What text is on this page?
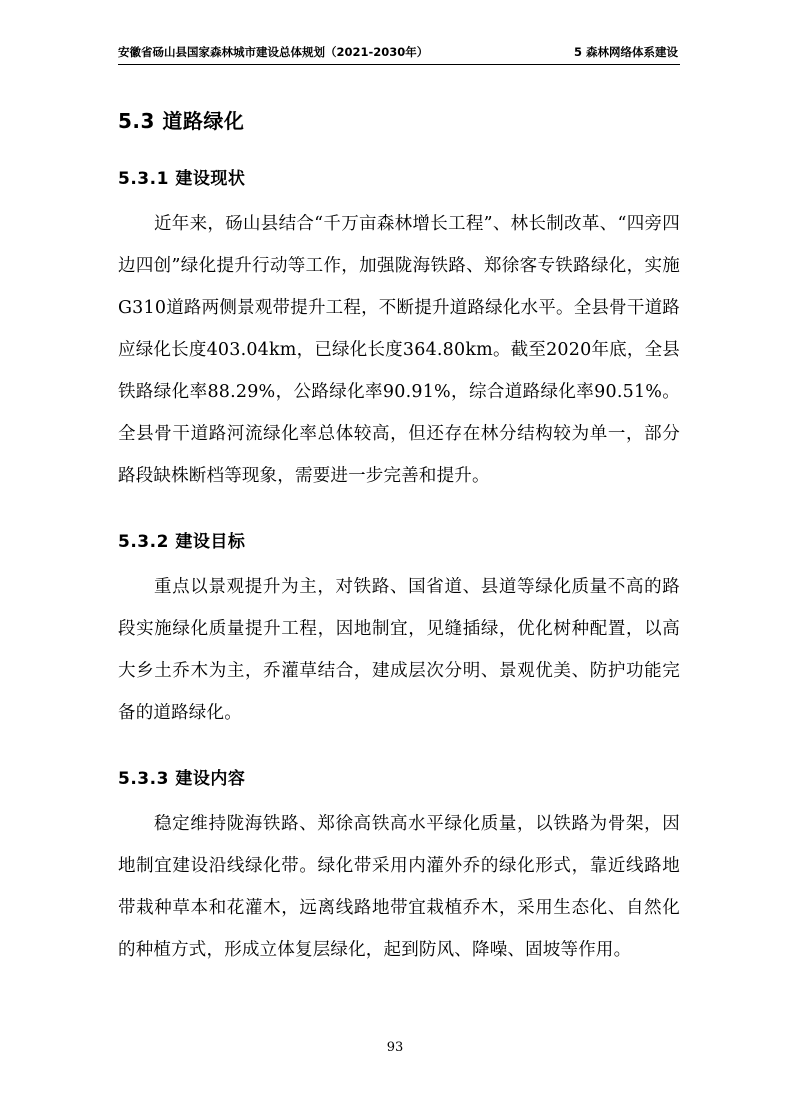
安徽省砀山县国家森林城市建设总体规划（2021-2030年）	5 森林网络体系建设
5.3 道路绿化
5.3.1 建设现状

近年来，砀山县结合“千万亩森林增长工程”、林长制改革、“四旁四边四创”绿化提升行动等工作，加强陇海铁路、郑徐客专铁路绿化，实施G310道路两侧景观带提升工程，不断提升道路绿化水平。全县骨干道路应绿化长度403.04km，已绿化长度364.80km。截至2020年底，全县铁路绿化率88.29%，公路绿化率90.91%，综合道路绿化率90.51%。全县骨干道路河流绿化率总体较高，但还存在林分结构较为单一，部分路段缺株断档等现象，需要进一步完善和提升。

5.3.2 建设目标

重点以景观提升为主，对铁路、国省道、县道等绿化质量不高的路段实施绿化质量提升工程，因地制宜，见缝插绿，优化树种配置，以高大乡土乔木为主，乔灌草结合，建成层次分明、景观优美、防护功能完备的道路绿化。

5.3.3 建设内容

稳定维持陇海铁路、郑徐高铁高水平绿化质量，以铁路为骨架，因地制宜建设沿线绿化带。绿化带采用内灌外乔的绿化形式，靠近线路地带栽种草本和花灌木，远离线路地带宜栽植乔木，采用生态化、自然化的种植方式，形成立体复层绿化，起到防风、降噪、固坡等作用。

93
